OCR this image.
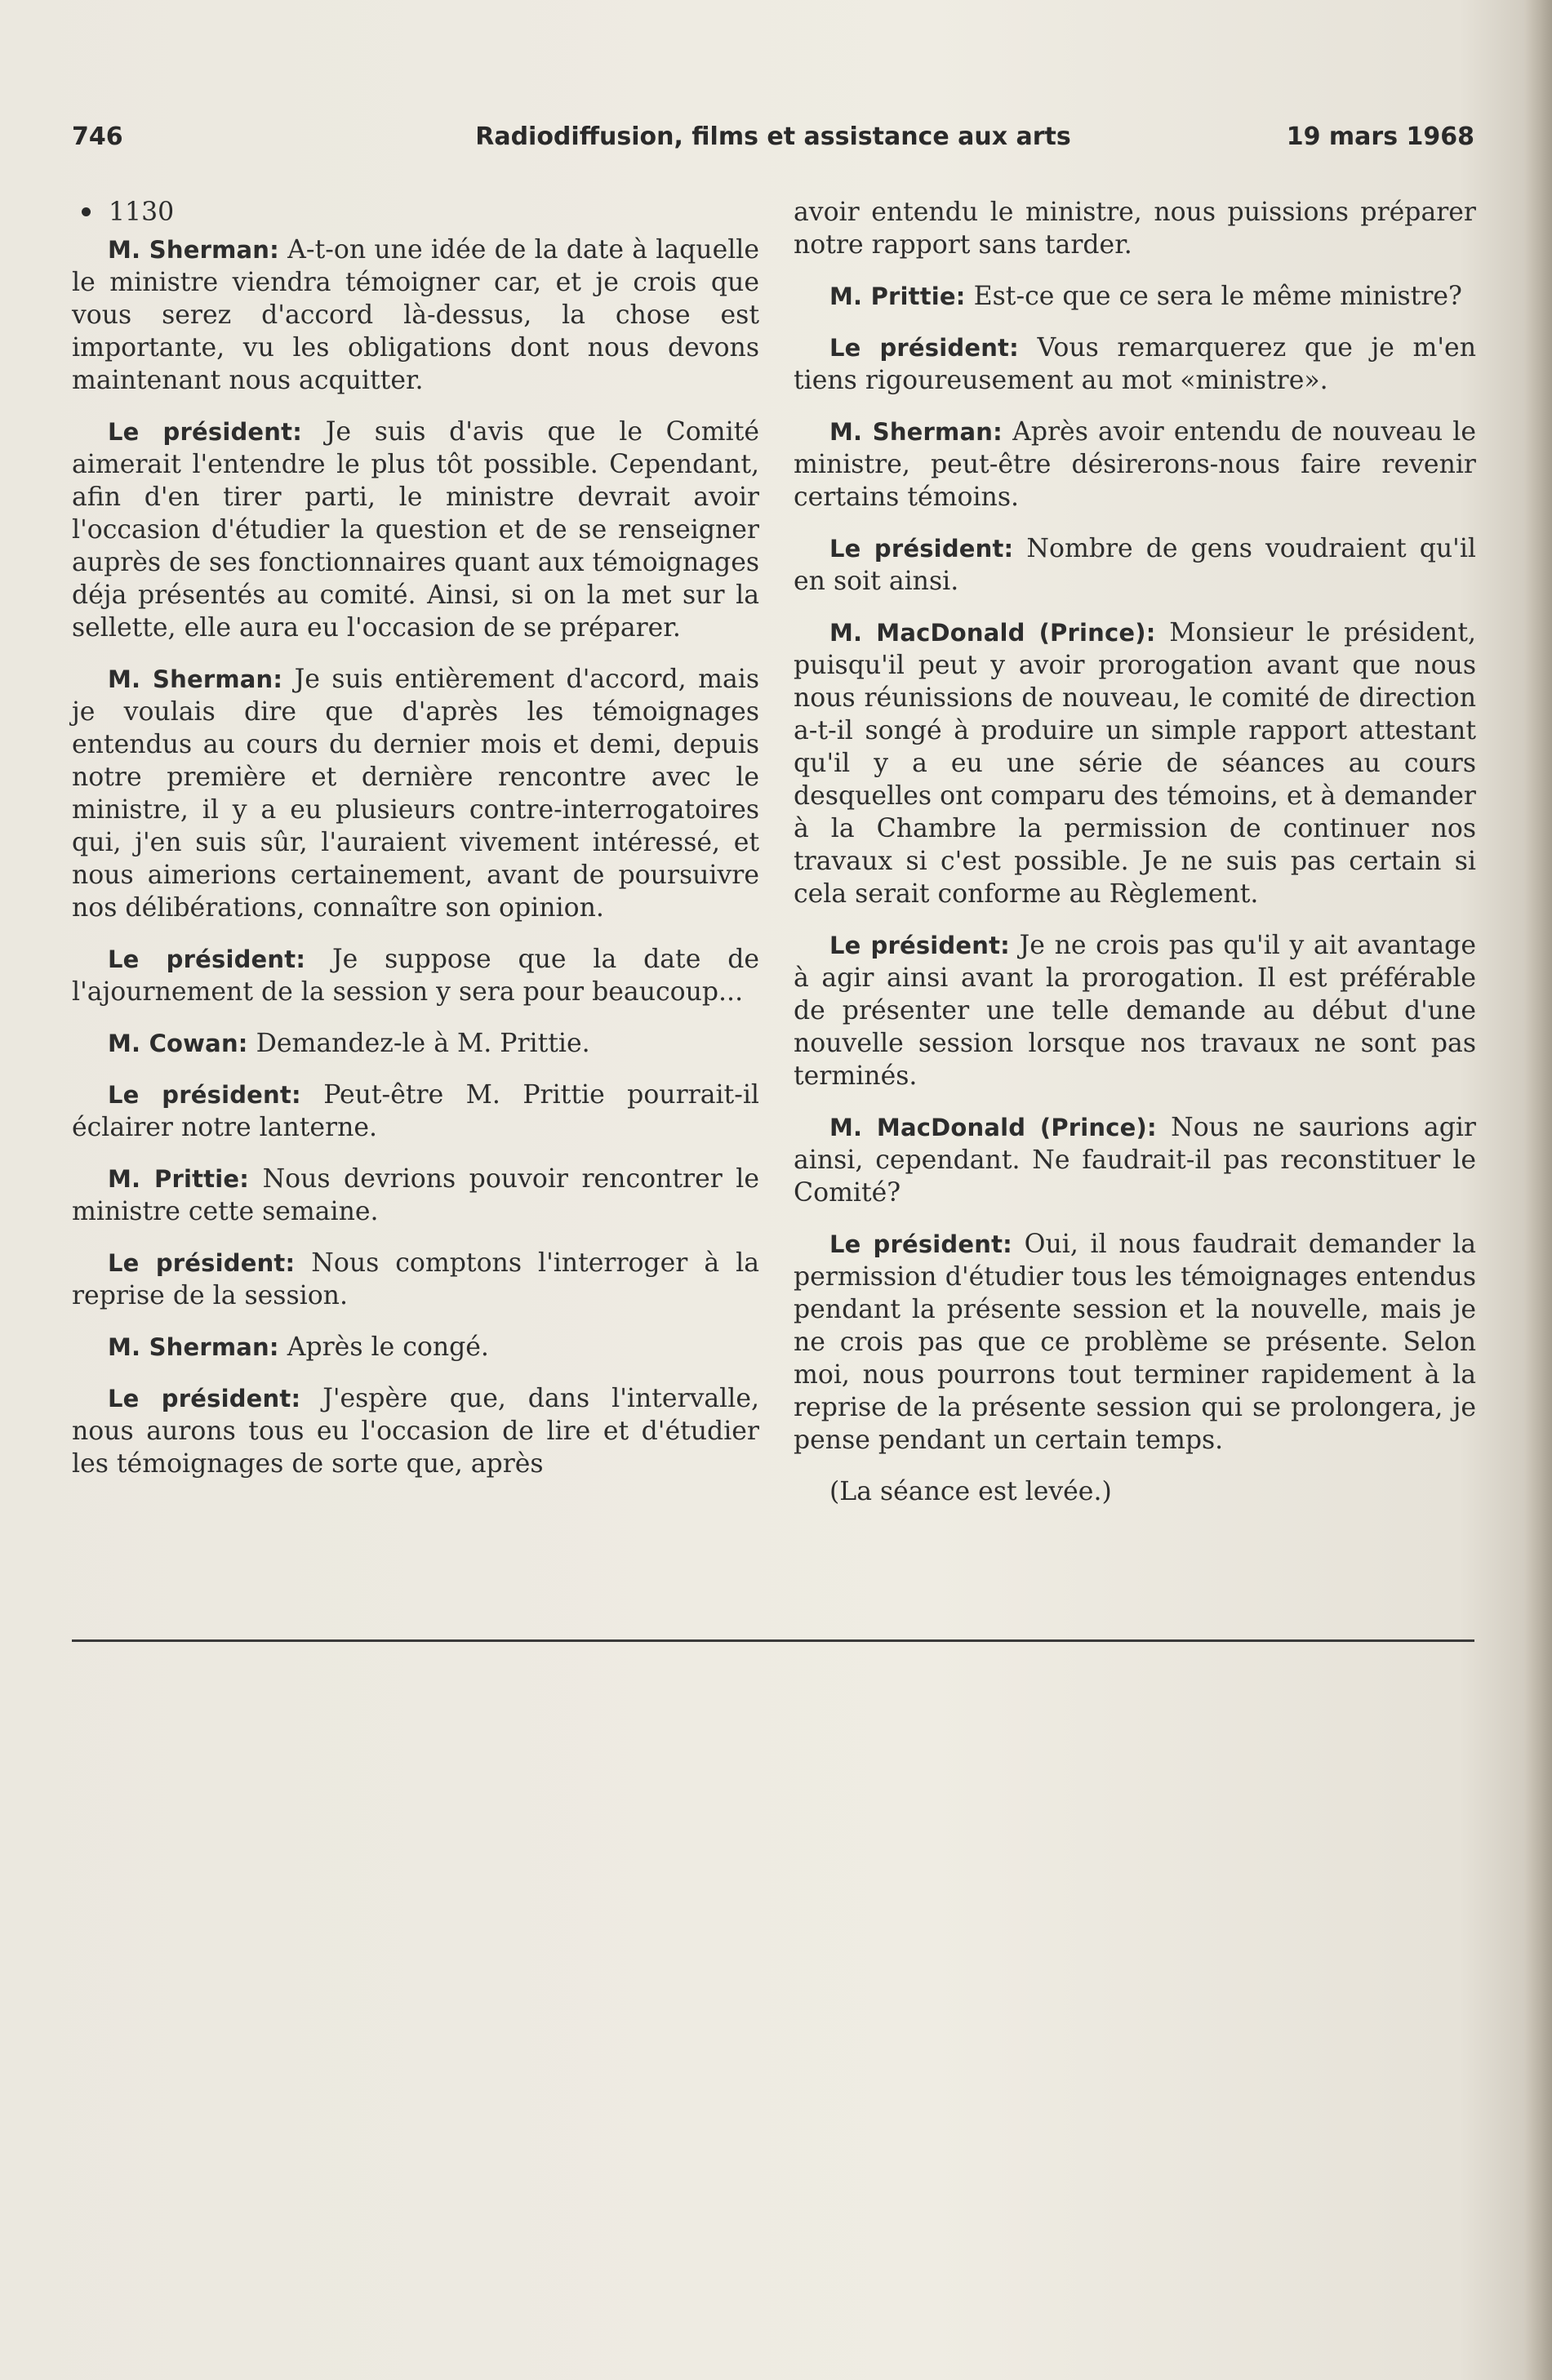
746	Radiodiffusion, films et assistance aux arts	19 mars 1968
1130

M. Sherman: A-t-on une idée de la date à laquelle le ministre viendra témoigner car, et je crois que vous serez d'accord là-dessus, la chose est importante, vu les obligations dont nous devons maintenant nous acquitter.

Le président: Je suis d'avis que le Comité aimerait l'entendre le plus tôt possible. Cependant, afin d'en tirer parti, le ministre devrait avoir l'occasion d'étudier la question et de se renseigner auprès de ses fonctionnaires quant aux témoignages déja présentés au comité. Ainsi, si on la met sur la sellette, elle aura eu l'occasion de se préparer.

M. Sherman: Je suis entièrement d'accord, mais je voulais dire que d'après les témoignages entendus au cours du dernier mois et demi, depuis notre première et dernière rencontre avec le ministre, il y a eu plusieurs contre-interrogatoires qui, j'en suis sûr, l'auraient vivement intéressé, et nous aimerions certainement, avant de poursuivre nos délibérations, connaître son opinion.

Le président: Je suppose que la date de l'ajournement de la session y sera pour beaucoup...

M. Cowan: Demandez-le à M. Prittie.

Le président: Peut-être M. Prittie pourrait-il éclairer notre lanterne.

M. Prittie: Nous devrions pouvoir rencontrer le ministre cette semaine.

Le président: Nous comptons l'interroger à la reprise de la session.

M. Sherman: Après le congé.

Le président: J'espère que, dans l'intervalle, nous aurons tous eu l'occasion de lire et d'étudier les témoignages de sorte que, après

avoir entendu le ministre, nous puissions préparer notre rapport sans tarder.

M. Prittie: Est-ce que ce sera le même ministre?

Le président: Vous remarquerez que je m'en tiens rigoureusement au mot «ministre».

M. Sherman: Après avoir entendu de nouveau le ministre, peut-être désirerons-nous faire revenir certains témoins.

Le président: Nombre de gens voudraient qu'il en soit ainsi.

M. MacDonald (Prince): Monsieur le président, puisqu'il peut y avoir prorogation avant que nous nous réunissions de nouveau, le comité de direction a-t-il songé à produire un simple rapport attestant qu'il y a eu une série de séances au cours desquelles ont comparu des témoins, et à demander à la Chambre la permission de continuer nos travaux si c'est possible. Je ne suis pas certain si cela serait conforme au Règlement.

Le président: Je ne crois pas qu'il y ait avantage à agir ainsi avant la prorogation. Il est préférable de présenter une telle demande au début d'une nouvelle session lorsque nos travaux ne sont pas terminés.

M. MacDonald (Prince): Nous ne saurions agir ainsi, cependant. Ne faudrait-il pas reconstituer le Comité?

Le président: Oui, il nous faudrait demander la permission d'étudier tous les témoignages entendus pendant la présente session et la nouvelle, mais je ne crois pas que ce problème se présente. Selon moi, nous pourrons tout terminer rapidement à la reprise de la présente session qui se prolongera, je pense pendant un certain temps.

(La séance est levée.)
